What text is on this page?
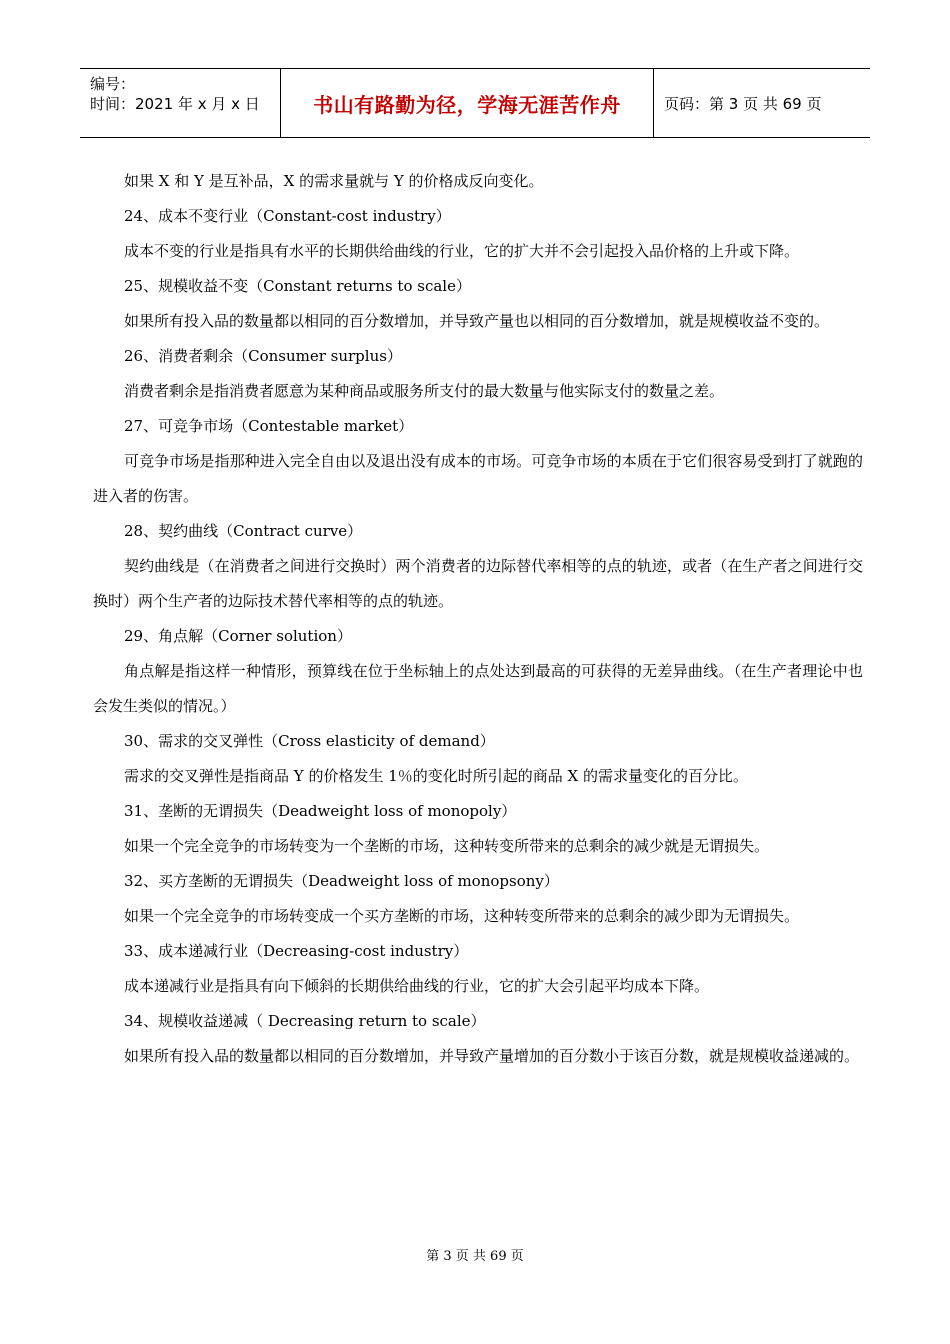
编号：
时间：2021 年 x 月 x 日	书山有路勤为径，学海无涯苦作舟	页码：第 3 页 共 69 页

如果 X 和 Y 是互补品，X 的需求量就与 Y 的价格成反向变化。

24、成本不变行业（Constant-cost industry）

成本不变的行业是指具有水平的长期供给曲线的行业，它的扩大并不会引起投入品价格的上升或下降。

25、规模收益不变（Constant returns to scale）

如果所有投入品的数量都以相同的百分数增加，并导致产量也以相同的百分数增加，就是规模收益不变的。

26、消费者剩余（Consumer surplus）

消费者剩余是指消费者愿意为某种商品或服务所支付的最大数量与他实际支付的数量之差。

27、可竞争市场（Contestable market）

可竞争市场是指那种进入完全自由以及退出没有成本的市场。可竞争市场的本质在于它们很容易受到打了就跑的进入者的伤害。

28、契约曲线（Contract curve）

契约曲线是（在消费者之间进行交换时）两个消费者的边际替代率相等的点的轨迹，或者（在生产者之间进行交换时）两个生产者的边际技术替代率相等的点的轨迹。

29、角点解（Corner solution）

角点解是指这样一种情形，预算线在位于坐标轴上的点处达到最高的可获得的无差异曲线。（在生产者理论中也会发生类似的情况。）

30、需求的交叉弹性（Cross elasticity of demand）

需求的交叉弹性是指商品 Y 的价格发生 1％的变化时所引起的商品 X 的需求量变化的百分比。

31、垄断的无谓损失（Deadweight loss of monopoly）

如果一个完全竞争的市场转变为一个垄断的市场，这种转变所带来的总剩余的减少就是无谓损失。

32、买方垄断的无谓损失（Deadweight loss of monopsony）

如果一个完全竞争的市场转变成一个买方垄断的市场，这种转变所带来的总剩余的减少即为无谓损失。

33、成本递减行业（Decreasing-cost industry）

成本递减行业是指具有向下倾斜的长期供给曲线的行业，它的扩大会引起平均成本下降。

34、规模收益递减（ Decreasing return to scale）

如果所有投入品的数量都以相同的百分数增加，并导致产量增加的百分数小于该百分数，就是规模收益递减的。

第 3 页 共 69 页
